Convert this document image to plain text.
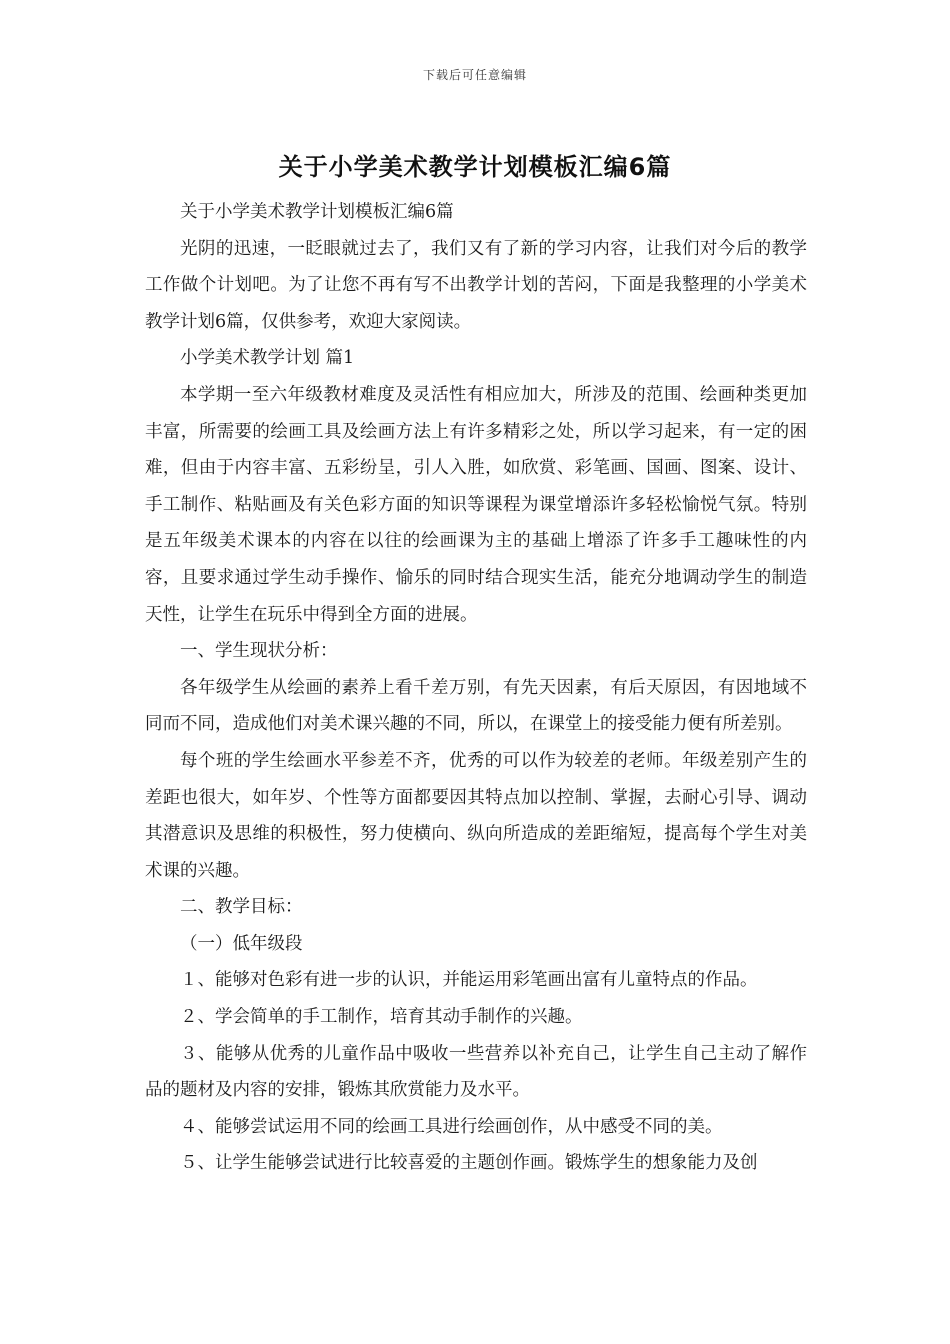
下载后可任意编辑
关于小学美术教学计划模板汇编6篇

关于小学美术教学计划模板汇编6篇

光阴的迅速，一眨眼就过去了，我们又有了新的学习内容，让我们对今后的教学工作做个计划吧。为了让您不再有写不出教学计划的苦闷，下面是我整理的小学美术教学计划6篇，仅供参考，欢迎大家阅读。

小学美术教学计划 篇1

本学期一至六年级教材难度及灵活性有相应加大，所涉及的范围、绘画种类更加丰富，所需要的绘画工具及绘画方法上有许多精彩之处，所以学习起来，有一定的困难，但由于内容丰富、五彩纷呈，引人入胜，如欣赏、彩笔画、国画、图案、设计、手工制作、粘贴画及有关色彩方面的知识等课程为课堂增添许多轻松愉悦气氛。特别是五年级美术课本的内容在以往的绘画课为主的基础上增添了许多手工趣味性的内容，且要求通过学生动手操作、愉乐的同时结合现实生活，能充分地调动学生的制造天性，让学生在玩乐中得到全方面的进展。

一、学生现状分析：

各年级学生从绘画的素养上看千差万别，有先天因素，有后天原因，有因地域不同而不同，造成他们对美术课兴趣的不同，所以，在课堂上的接受能力便有所差别。

每个班的学生绘画水平参差不齐，优秀的可以作为较差的老师。年级差别产生的差距也很大，如年岁、个性等方面都要因其特点加以控制、掌握，去耐心引导、调动其潜意识及思维的积极性，努力使横向、纵向所造成的差距缩短，提高每个学生对美术课的兴趣。

二、教学目标：

（一）低年级段

１、能够对色彩有进一步的认识，并能运用彩笔画出富有儿童特点的作品。

２、学会简单的手工制作，培育其动手制作的兴趣。

３、能够从优秀的儿童作品中吸收一些营养以补充自己，让学生自己主动了解作品的题材及内容的安排，锻炼其欣赏能力及水平。

４、能够尝试运用不同的绘画工具进行绘画创作，从中感受不同的美。

５、让学生能够尝试进行比较喜爱的主题创作画。锻炼学生的想象能力及创
